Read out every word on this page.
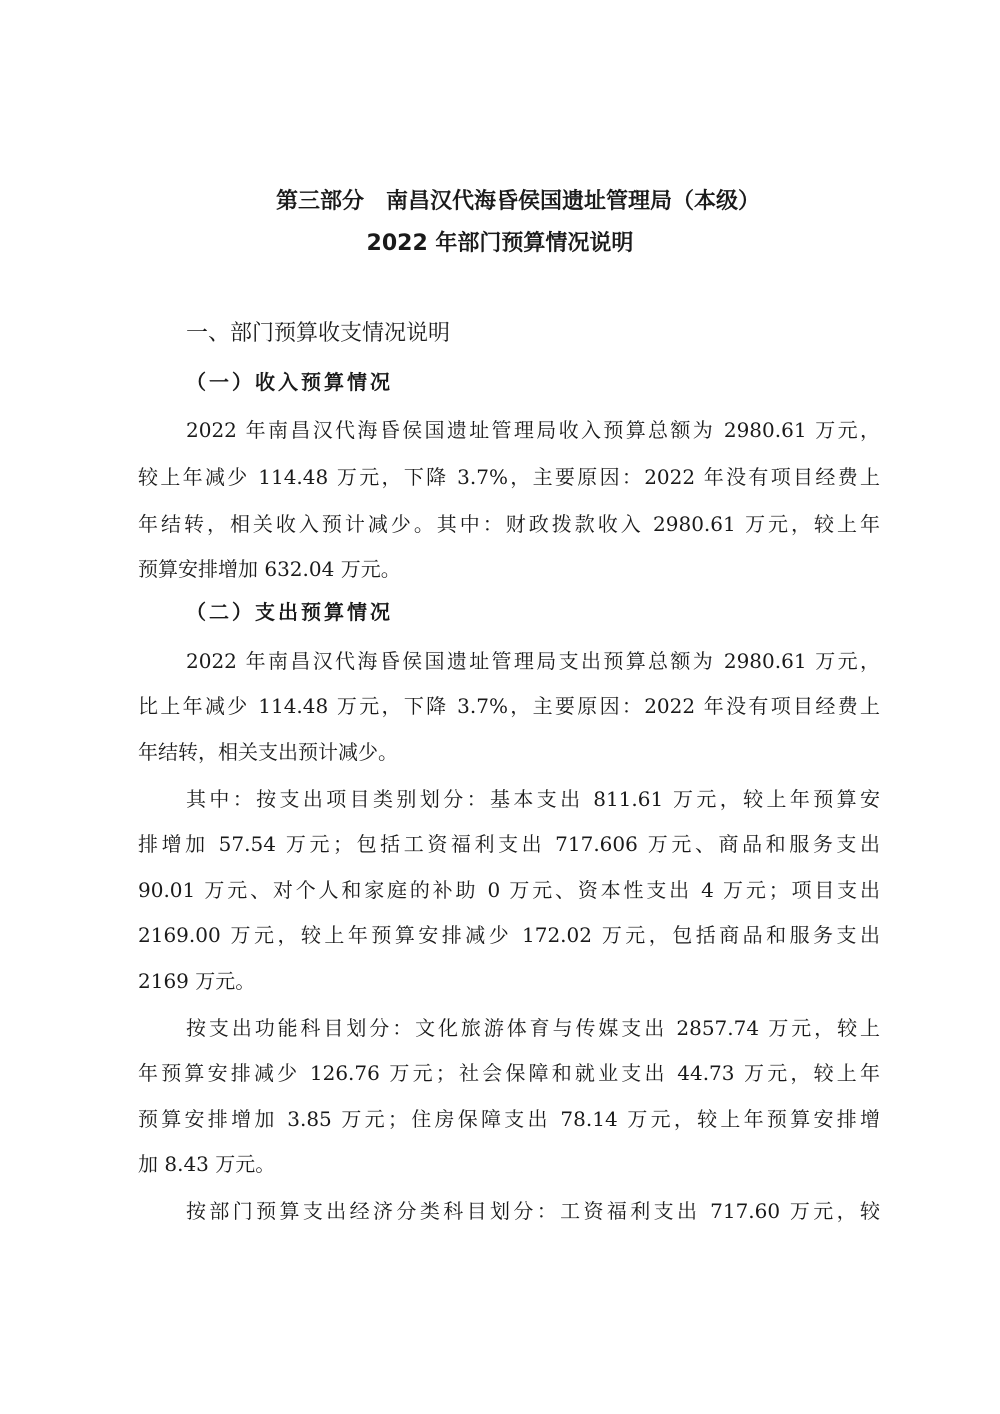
第三部分　南昌汉代海昏侯国遗址管理局（本级）
2022 年部门预算情况说明
一、部门预算收支情况说明
（一）收入预算情况
2022 年南昌汉代海昏侯国遗址管理局收入预算总额为 2980.61 万元，
较上年减少 114.48 万元，下降 3.7%，主要原因：2022 年没有项目经费上
年结转，相关收入预计减少。其中：财政拨款收入 2980.61 万元，较上年
预算安排增加 632.04 万元。
（二）支出预算情况
2022 年南昌汉代海昏侯国遗址管理局支出预算总额为 2980.61 万元，
比上年减少 114.48 万元，下降 3.7%，主要原因：2022 年没有项目经费上
年结转，相关支出预计减少。
其中：按支出项目类别划分：基本支出 811.61 万元，较上年预算安
排增加 57.54 万元；包括工资福利支出 717.606 万元、商品和服务支出
90.01 万元、对个人和家庭的补助 0 万元、资本性支出 4 万元；项目支出
2169.00 万元，较上年预算安排减少 172.02 万元，包括商品和服务支出
2169 万元。
按支出功能科目划分：文化旅游体育与传媒支出 2857.74 万元，较上
年预算安排减少 126.76 万元；社会保障和就业支出 44.73 万元，较上年
预算安排增加 3.85 万元；住房保障支出 78.14 万元，较上年预算安排增
加 8.43 万元。
按部门预算支出经济分类科目划分：工资福利支出 717.60 万元，较
